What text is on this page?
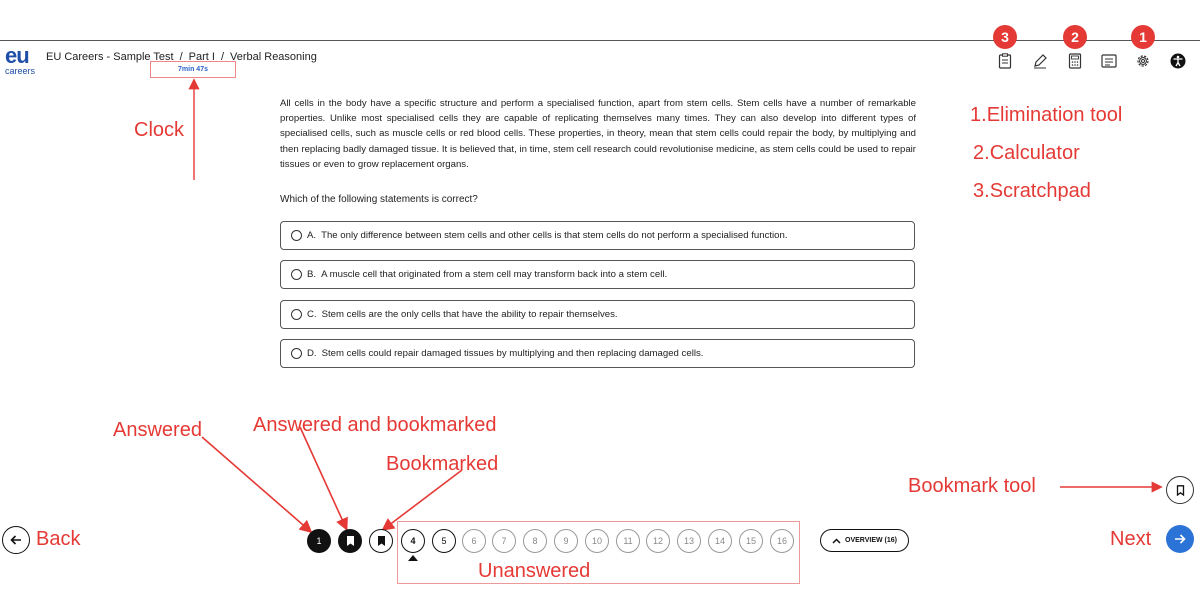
eu
careers
EU Careers - Sample Test / Part I / Verbal Reasoning
7min 47s
3	2	1
All cells in the body have a specific structure and perform a specialised function, apart from stem cells. Stem cells have a number of remarkable properties. Unlike most specialised cells they are capable of replicating themselves many times. They can also develop into different types of specialised cells, such as muscle cells or red blood cells. These properties, in theory, mean that stem cells could repair the body, by multiplying and then replacing badly damaged tissue. It is believed that, in time, stem cell research could revolutionise medicine, as stem cells could be used to repair tissues or even to grow replacement organs.
Which of the following statements is correct?
A. The only difference between stem cells and other cells is that stem cells do not perform a specialised function.
B. A muscle cell that originated from a stem cell may transform back into a stem cell.
C. Stem cells are the only cells that have the ability to repair themselves.
D. Stem cells could repair damaged tissues by multiplying and then replacing damaged cells.
Clock
1.Elimination tool
2.Calculator
3.Scratchpad
Answered	Answered and bookmarked
Bookmarked
Bookmark tool
Unanswered
1	4	5	6	7	8	9	10	11	12	13	14	15	16	OVERVIEW (16)
Back	Next
